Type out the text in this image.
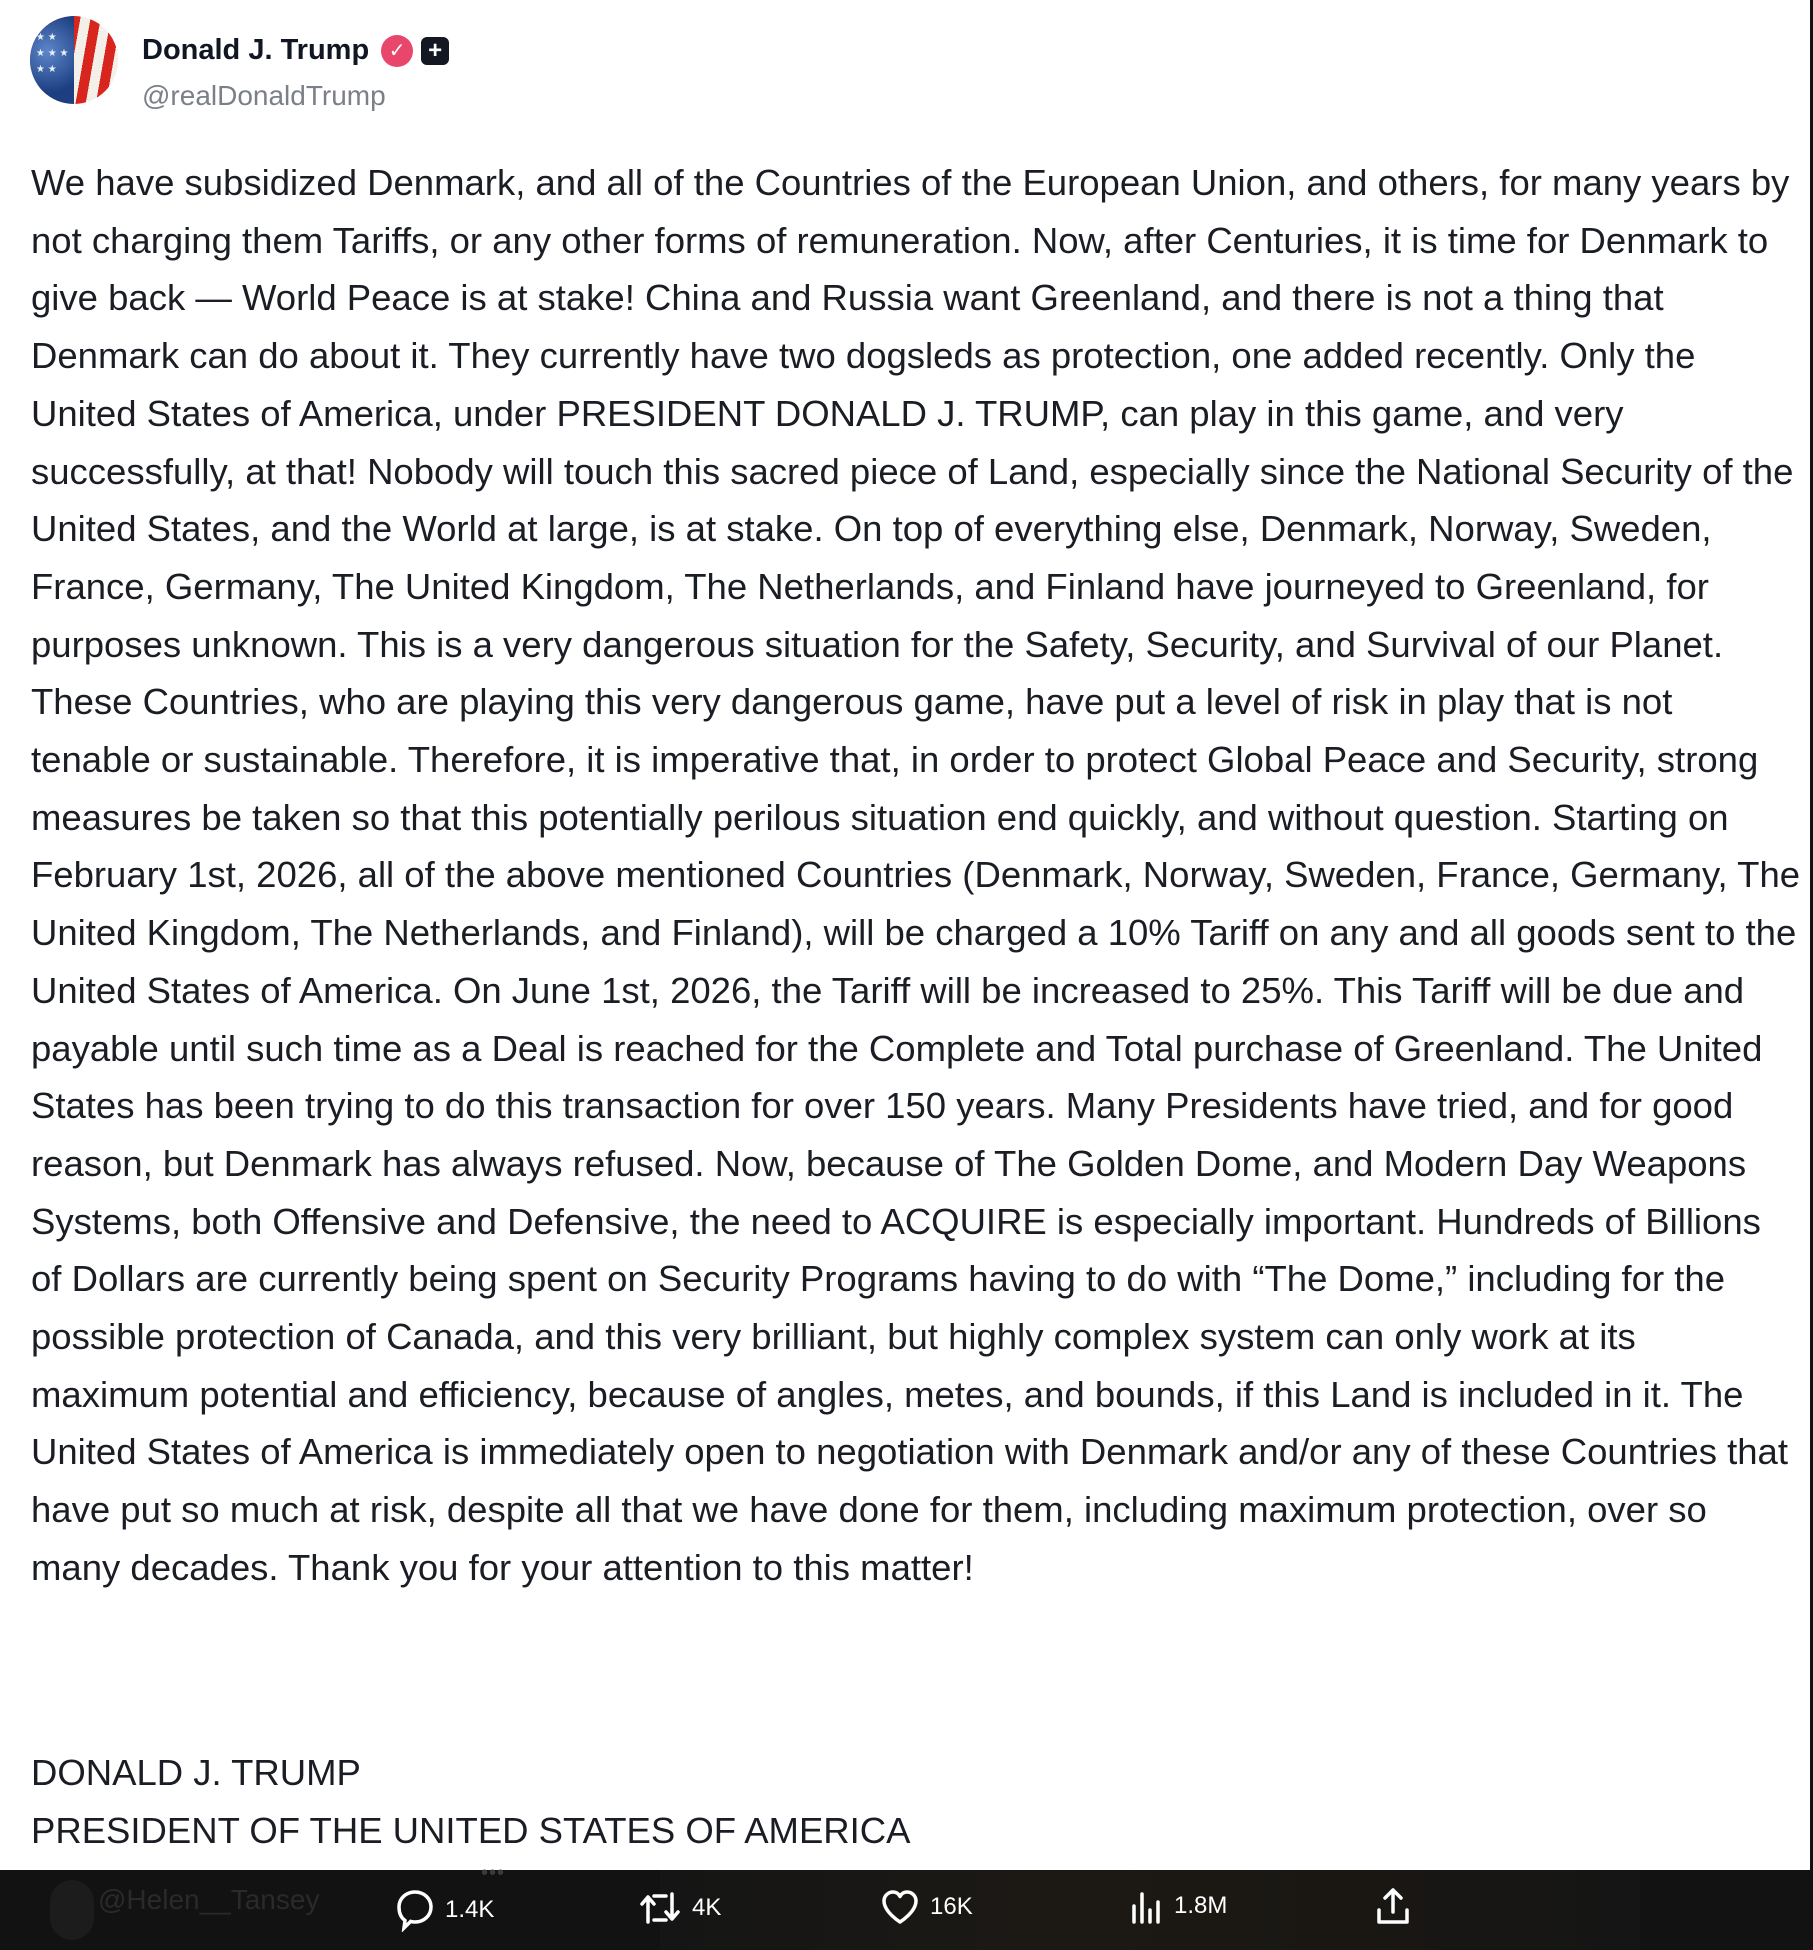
★ ★ ★ ★ ★ ★ ★
Donald J. Trump ✓ +
@realDonaldTrump

We have subsidized Denmark, and all of the Countries of the European Union, and others, for many years by not charging them Tariffs, or any other forms of remuneration. Now, after Centuries, it is time for Denmark to give back — World Peace is at stake! China and Russia want Greenland, and there is not a thing that Denmark can do about it. They currently have two dogsleds as protection, one added recently. Only the United States of America, under PRESIDENT DONALD J. TRUMP, can play in this game, and very successfully, at that! Nobody will touch this sacred piece of Land, especially since the National Security of the United States, and the World at large, is at stake. On top of everything else, Denmark, Norway, Sweden, France, Germany, The United Kingdom, The Netherlands, and Finland have journeyed to Greenland, for purposes unknown. This is a very dangerous situation for the Safety, Security, and Survival of our Planet. These Countries, who are playing this very dangerous game, have put a level of risk in play that is not tenable or sustainable. Therefore, it is imperative that, in order to protect Global Peace and Security, strong measures be taken so that this potentially perilous situation end quickly, and without question. Starting on February 1st, 2026, all of the above mentioned Countries (Denmark, Norway, Sweden, France, Germany, The United Kingdom, The Netherlands, and Finland), will be charged a 10% Tariff on any and all goods sent to the United States of America. On June 1st, 2026, the Tariff will be increased to 25%. This Tariff will be due and payable until such time as a Deal is reached for the Complete and Total purchase of Greenland. The United States has been trying to do this transaction for over 150 years. Many Presidents have tried, and for good reason, but Denmark has always refused. Now, because of The Golden Dome, and Modern Day Weapons Systems, both Offensive and Defensive, the need to ACQUIRE is especially important. Hundreds of Billions of Dollars are currently being spent on Security Programs having to do with “The Dome,” including for the possible protection of Canada, and this very brilliant, but highly complex system can only work at its maximum potential and efficiency, because of angles, metes, and bounds, if this Land is included in it. The United States of America is immediately open to negotiation with Denmark and/or any of these Countries that have put so much at risk, despite all that we have done for them, including maximum protection, over so many decades. Thank you for your attention to this matter!

DONALD J. TRUMP

PRESIDENT OF THE UNITED STATES OF AMERICA

@Helen__Tansey
•••
1.4K	4K	16K	1.8M
